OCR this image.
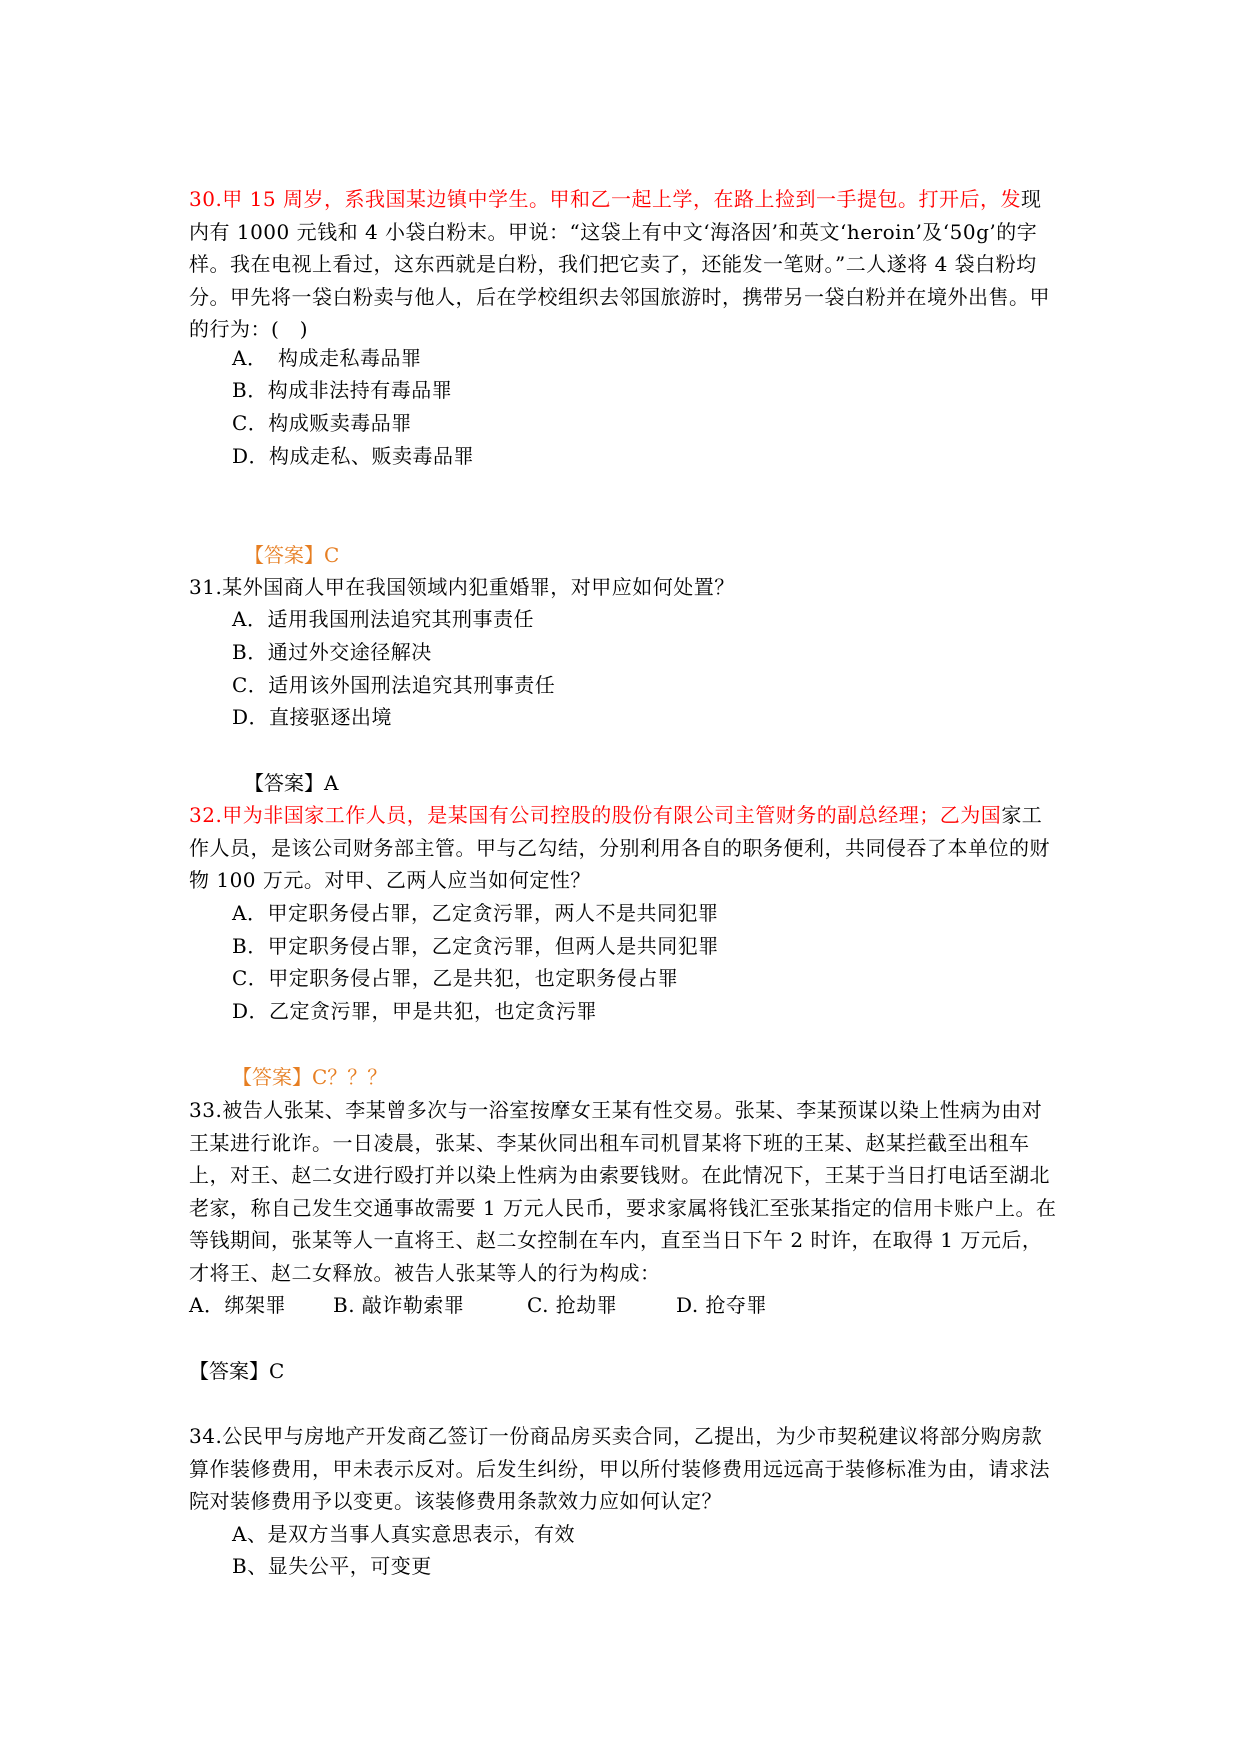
30.甲 15 周岁，系我国某边镇中学生。甲和乙一起上学，在路上捡到一手提包。打开后，发现内有 1000 元钱和 4 小袋白粉末。甲说：“这袋上有中文‘海洛因’和英文‘heroin’及‘50g’的字样。我在电视上看过，这东西就是白粉，我们把它卖了，还能发一笔财。”二人遂将 4 袋白粉均分。甲先将一袋白粉卖与他人，后在学校组织去邻国旅游时，携带另一袋白粉并在境外出售。甲的行为：(　)

A．　构成走私毒品罪
B．构成非法持有毒品罪
C．构成贩卖毒品罪
D．构成走私、贩卖毒品罪
【答案】C

31.某外国商人甲在我国领域内犯重婚罪，对甲应如何处置？

A．适用我国刑法追究其刑事责任
B．通过外交途径解决
C．适用该外国刑法追究其刑事责任
D．直接驱逐出境
【答案】A

32.甲为非国家工作人员，是某国有公司控股的股份有限公司主管财务的副总经理；乙为国家工作人员，是该公司财务部主管。甲与乙勾结，分别利用各自的职务便利，共同侵吞了本单位的财物 100 万元。对甲、乙两人应当如何定性？

A．甲定职务侵占罪，乙定贪污罪，两人不是共同犯罪
B．甲定职务侵占罪，乙定贪污罪，但两人是共同犯罪
C．甲定职务侵占罪，乙是共犯，也定职务侵占罪
D．乙定贪污罪，甲是共犯，也定贪污罪
【答案】C？？？

33.被告人张某、李某曾多次与一浴室按摩女王某有性交易。张某、李某预谋以染上性病为由对王某进行讹诈。一日凌晨，张某、李某伙同出租车司机冒某将下班的王某、赵某拦截至出租车上，对王、赵二女进行殴打并以染上性病为由索要钱财。在此情况下，王某于当日打电话至湖北老家，称自己发生交通事故需要 1 万元人民币，要求家属将钱汇至张某指定的信用卡账户上。在等钱期间，张某等人一直将王、赵二女控制在车内，直至当日下午 2 时许，在取得 1 万元后，才将王、赵二女释放。被告人张某等人的行为构成：

A．绑架罪 B. 敲诈勒索罪	C. 抢劫罪	D. 抢夺罪
【答案】C

34.公民甲与房地产开发商乙签订一份商品房买卖合同，乙提出，为少市契税建议将部分购房款算作装修费用，甲未表示反对。后发生纠纷，甲以所付装修费用远远高于装修标准为由，请求法院对装修费用予以变更。该装修费用条款效力应如何认定？

A、是双方当事人真实意思表示，有效
B、显失公平，可变更
